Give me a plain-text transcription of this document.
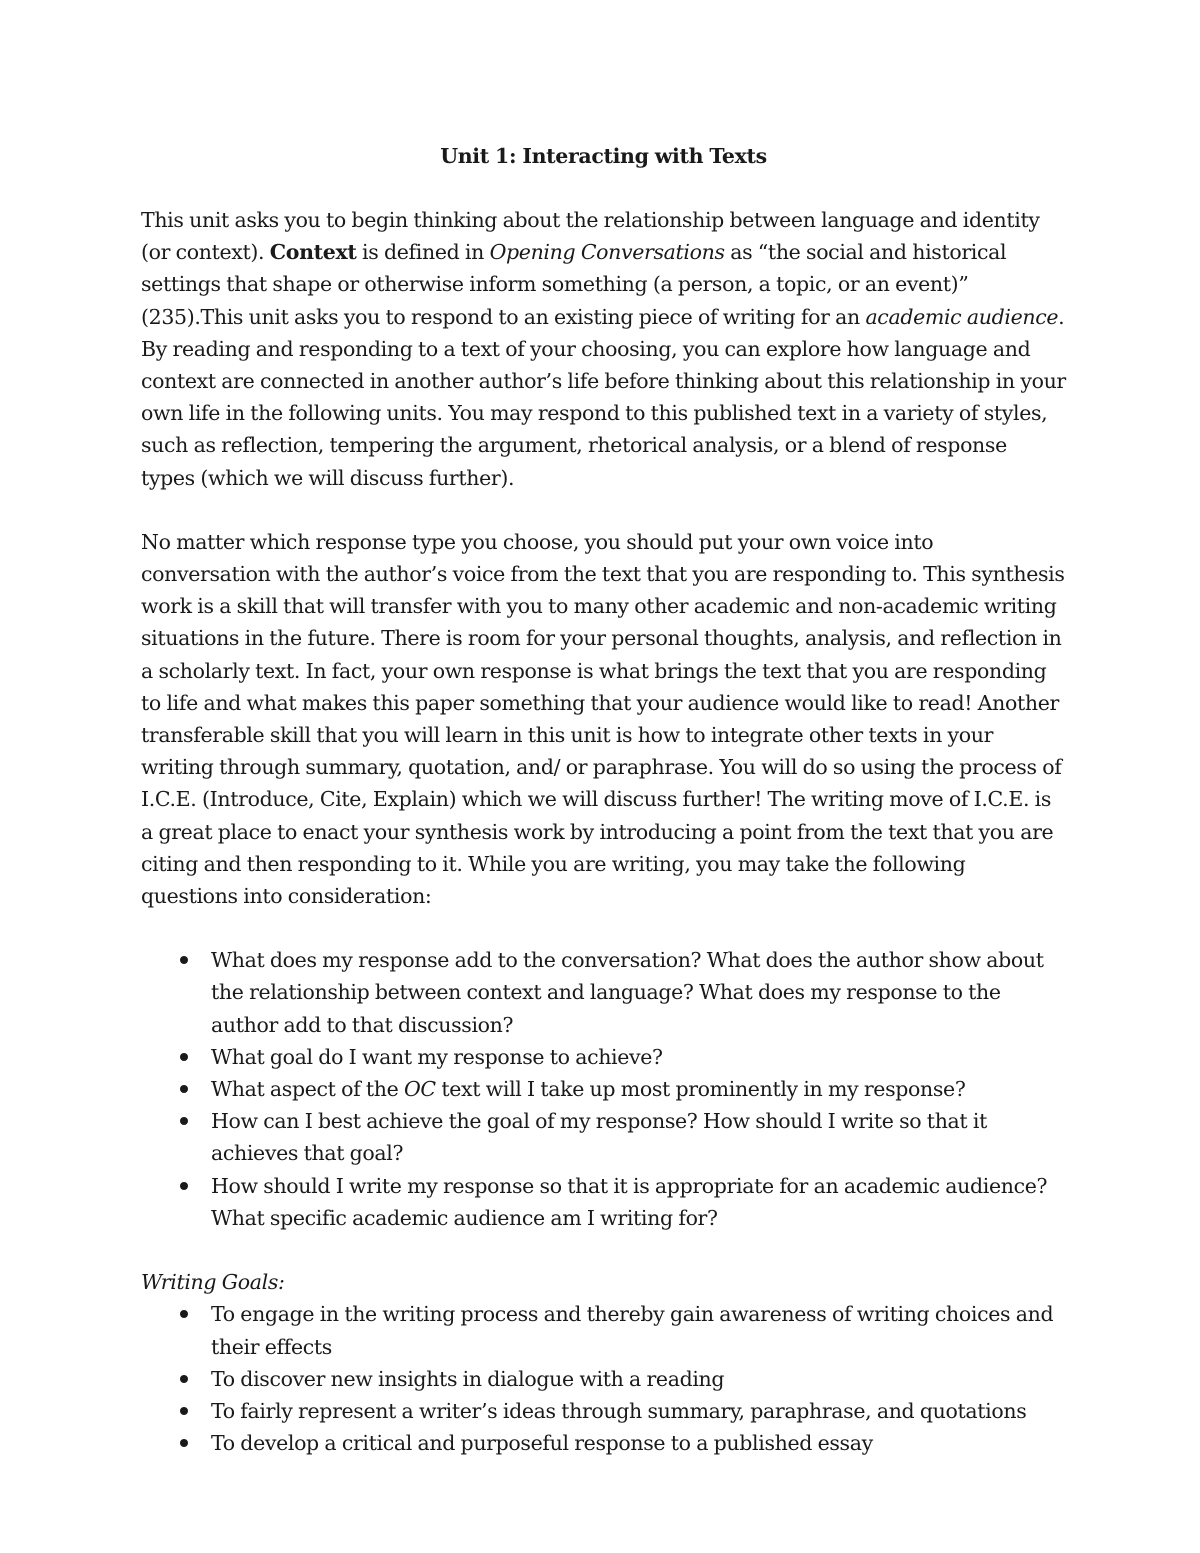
Unit 1: Interacting with Texts

This unit asks you to begin thinking about the relationship between language and identity (or context). Context is defined in Opening Conversations as “the social and historical settings that shape or otherwise inform something (a person, a topic, or an event)” (235).This unit asks you to respond to an existing piece of writing for an academic audience. By reading and responding to a text of your choosing, you can explore how language and context are connected in another author’s life before thinking about this relationship in your own life in the following units. You may respond to this published text in a variety of styles, such as reflection, tempering the argument, rhetorical analysis, or a blend of response types (which we will discuss further).

No matter which response type you choose, you should put your own voice into conversation with the author’s voice from the text that you are responding to. This synthesis work is a skill that will transfer with you to many other academic and non-academic writing situations in the future. There is room for your personal thoughts, analysis, and reflection in a scholarly text. In fact, your own response is what brings the text that you are responding to life and what makes this paper something that your audience would like to read! Another transferable skill that you will learn in this unit is how to integrate other texts in your writing through summary, quotation, and/ or paraphrase. You will do so using the process of I.C.E. (Introduce, Cite, Explain) which we will discuss further! The writing move of I.C.E. is a great place to enact your synthesis work by introducing a point from the text that you are citing and then responding to it. While you are writing, you may take the following questions into consideration:

What does my response add to the conversation? What does the author show about the relationship between context and language? What does my response to the author add to that discussion?
What goal do I want my response to achieve?
What aspect of the OC text will I take up most prominently in my response?
How can I best achieve the goal of my response? How should I write so that it achieves that goal?
How should I write my response so that it is appropriate for an academic audience? What specific academic audience am I writing for?
Writing Goals:
To engage in the writing process and thereby gain awareness of writing choices and their effects
To discover new insights in dialogue with a reading
To fairly represent a writer’s ideas through summary, paraphrase, and quotations
To develop a critical and purposeful response to a published essay
